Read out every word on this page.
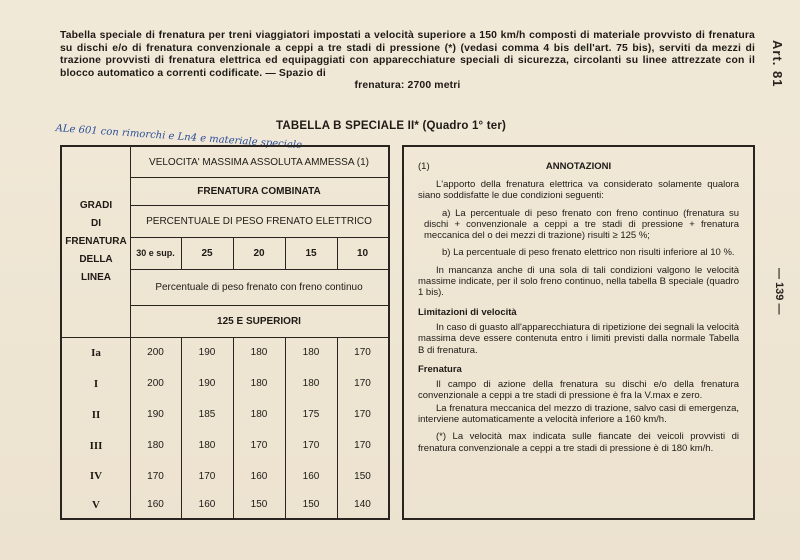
Tabella speciale di frenatura per treni viaggiatori impostati a velocità superiore a 150 km/h composti di materiale provvisto di frenatura su dischi e/o di frenatura convenzionale a ceppi a tre stadi di pressione (*) (vedasi comma 4 bis dell'art. 75 bis), serviti da mezzi di trazione provvisti di frenatura elettrica ed equipaggiati con apparecchiature speciali di sicurezza, circolanti su linee attrezzate con il blocco automatico a correnti codificate. — Spazio di
frenatura: 2700 metri	Art. 81
— 139 —
ALe 601 con rimorchi e Ln4 e materiale speciale
TABELLA B SPECIALE II* (Quadro 1° ter)
GRADI
DI
FRENATURA
DELLA
LINEA
VELOCITA' MASSIMA ASSOLUTA AMMESSA (1)
FRENATURA COMBINATA
PERCENTUALE DI PESO FRENATO ELETTRICO
30 e sup.	25	20	15	10
Percentuale di peso frenato con freno continuo
125 E SUPERIORI
Ia	200	190	180	180	170
I	200	190	180	180	170
II	190	185	180	175	170
III	180	180	170	170	170
IV	170	170	160	160	150
V	160	160	150	150	140
(1)	ANNOTAZIONI

L'apporto della frenatura elettrica va considerato solamente qualora siano soddisfatte le due condizioni seguenti:

a) La percentuale di peso frenato con freno continuo (frenatura su dischi + convenzionale a ceppi a tre stadi di pressione + frenatura meccanica del o dei mezzi di trazione) risulti ≥ 125 %;

b) La percentuale di peso frenato elettrico non risulti inferiore al 10 %.

In mancanza anche di una sola di tali condizioni valgono le velocità massime indicate, per il solo freno continuo, nella tabella B speciale (quadro 1 bis).

Limitazioni di velocità

In caso di guasto all'apparecchiatura di ripetizione dei segnali la velocità massima deve essere contenuta entro i limiti previsti dalla normale Tabella B di frenatura.

Frenatura

Il campo di azione della frenatura su dischi e/o della frenatura convenzionale a ceppi a tre stadi di pressione è fra la V.max e zero.

La frenatura meccanica del mezzo di trazione, salvo casi di emergenza, interviene automaticamente a velocità inferiore a 160 km/h.

(*) La velocità max indicata sulle fiancate dei veicoli provvisti di frenatura convenzionale a ceppi a tre stadi di pressione è di 180 km/h.
